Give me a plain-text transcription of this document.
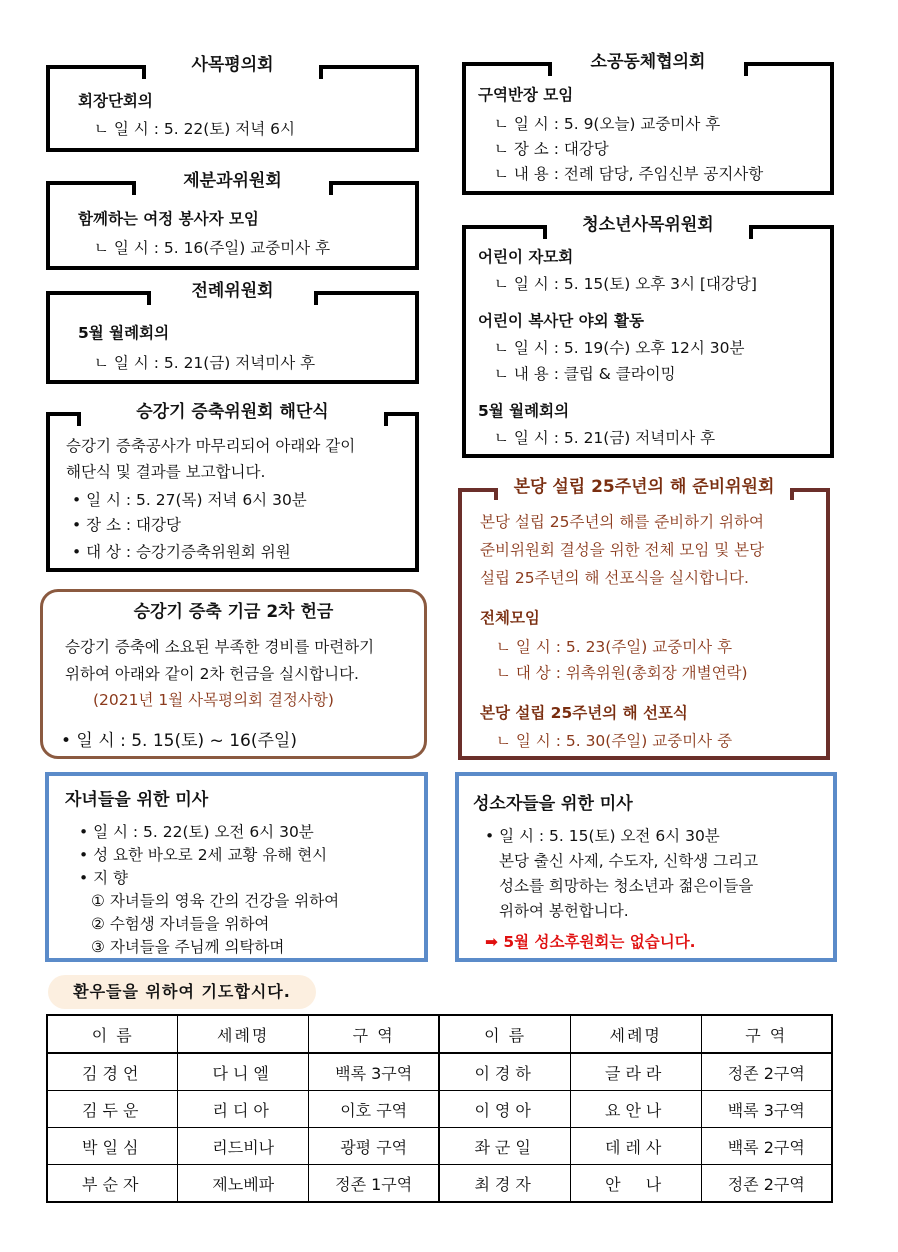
사목평의회
회장단회의
ㄴ 일 시 : 5. 22(토) 저녁 6시
제분과위원회
함께하는 여정 봉사자 모임
ㄴ 일 시 : 5. 16(주일) 교중미사 후
전례위원회
5월 월례회의
ㄴ 일 시 : 5. 21(금) 저녁미사 후
승강기 증축위원회 해단식
승강기 증축공사가 마무리되어 아래와 같이
해단식 및 결과를 보고합니다.
• 일 시 : 5. 27(목) 저녁 6시 30분
• 장 소 : 대강당
• 대 상 : 승강기증축위원회 위원
승강기 증축 기금 2차 헌금
승강기 증축에 소요된 부족한 경비를 마련하기
위하여 아래와 같이 2차 헌금을 실시합니다.
(2021년 1월 사목평의회 결정사항)
• 일 시 : 5. 15(토) ~ 16(주일)
자녀들을 위한 미사
• 일 시 : 5. 22(토) 오전 6시 30분
• 성 요한 바오로 2세 교황 유해 현시
• 지 향
① 자녀들의 영육 간의 건강을 위하여
② 수험생 자녀들을 위하여
③ 자녀들을 주님께 의탁하며
소공동체협의회
구역반장 모임
ㄴ 일 시 : 5. 9(오늘) 교중미사 후
ㄴ 장 소 : 대강당
ㄴ 내 용 : 전례 담당, 주임신부 공지사항
청소년사목위원회
어린이 자모회
ㄴ 일 시 : 5. 15(토) 오후 3시 [대강당]
어린이 복사단 야외 활동
ㄴ 일 시 : 5. 19(수) 오후 12시 30분
ㄴ 내 용 : 클립 & 클라이밍
5월 월례회의
ㄴ 일 시 : 5. 21(금) 저녁미사 후
본당 설립 25주년의 해 준비위원회
본당 설립 25주년의 해를 준비하기 위하여
준비위원회 결성을 위한 전체 모임 및 본당
설립 25주년의 해 선포식을 실시합니다.
전체모임
ㄴ 일 시 : 5. 23(주일) 교중미사 후
ㄴ 대 상 : 위촉위원(총회장 개별연락)
본당 설립 25주년의 해 선포식
ㄴ 일 시 : 5. 30(주일) 교중미사 중
성소자들을 위한 미사
• 일 시 : 5. 15(토) 오전 6시 30분
본당 출신 사제, 수도자, 신학생 그리고
성소를 희망하는 청소년과 젊은이들을
위하여 봉헌합니다.
➡ 5월 성소후원회는 없습니다.
환우들을 위하여 기도합시다.
이 름	세례명	구 역	이 름	세례명	구 역
김경언	다니엘	백록 3구역	이경하	글라라	정존 2구역
김두운	리디아	이호 구역	이영아	요안나	백록 3구역
박일심	리드비나	광평 구역	좌군일	데레사	백록 2구역
부순자	제노베파	정존 1구역	최경자	안  나	정존 2구역
